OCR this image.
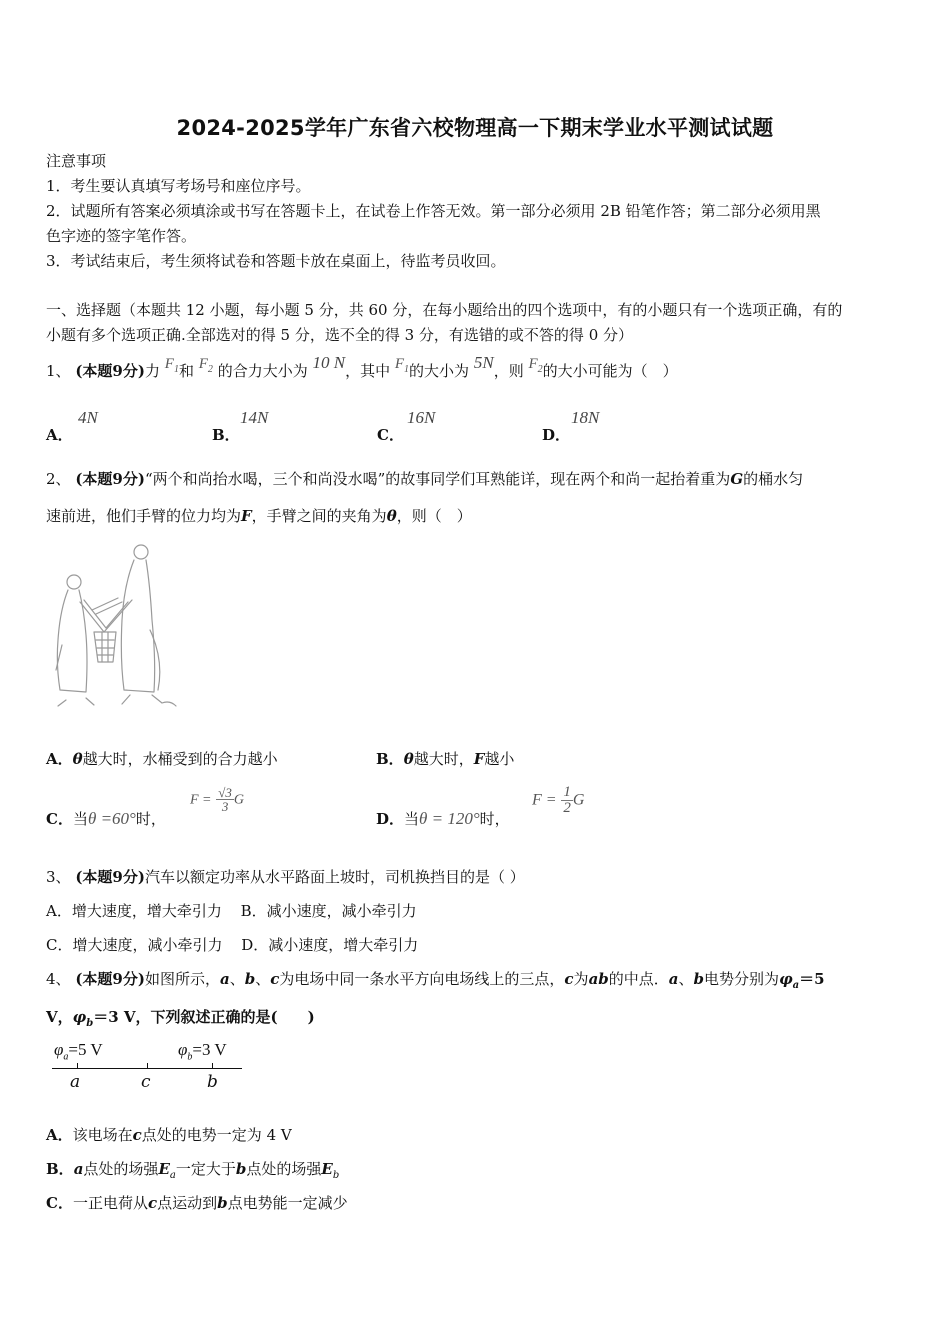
2024-2025学年广东省六校物理高一下期末学业水平测试试题
注意事项
1．考生要认真填写考场号和座位序号。
2．试题所有答案必须填涂或书写在答题卡上，在试卷上作答无效。第一部分必须用 2B 铅笔作答；第二部分必须用黑
色字迹的签字笔作答。
3．考试结束后，考生须将试卷和答题卡放在桌面上，待监考员收回。
一、选择题（本题共 12 小题，每小题 5 分，共 60 分，在每小题给出的四个选项中，有的小题只有一个选项正确，有的
小题有多个选项正确.全部选对的得 5 分，选不全的得 3 分，有选错的或不答的得 0 分）
1、 (本题9分)力 $F_1$和 $F_2$ 的合力大小为 10 N，其中 $F_1$的大小为 5N，则 $F_2$的大小可能为（　）
A．
4N
B．
14N
C．
16N
D．
18N
2、 (本题9分)“两个和尚抬水喝，三个和尚没水喝”的故事同学们耳熟能详，现在两个和尚一起抬着重为G的桶水匀
速前进，他们手臂的位力均为F，手臂之间的夹角为θ，则（　）
A．θ越大时，水桶受到的合力越小	B．θ越大时，F越小
C．当θ =60°时，
$F = \frac{√3}{3}$ G
D．当θ = 120°时，
$F = \frac{1}{2}$ G
3、 (本题9分)汽车以额定功率从水平路面上坡时，司机换挡目的是（ ）
A．增大速度，增大牵引力 B．减小速度，减小牵引力
C．增大速度，减小牵引力 D．减小速度，增大牵引力
4、 (本题9分)如图所示，a、b、c为电场中同一条水平方向电场线上的三点，c为ab的中点．a、b电势分别为$\varphi_a=5$
V，$\varphi_b=3$ V，下列叙述正确的是(　　)
$\varphi_a=5$ V	$\varphi_b=3$ V
a	c	b
A．该电场在c点处的电势一定为 4 V
B．a点处的场强$E_a$一定大于b点处的场强$E_b$
C．一正电荷从c点运动到b点电势能一定减少
